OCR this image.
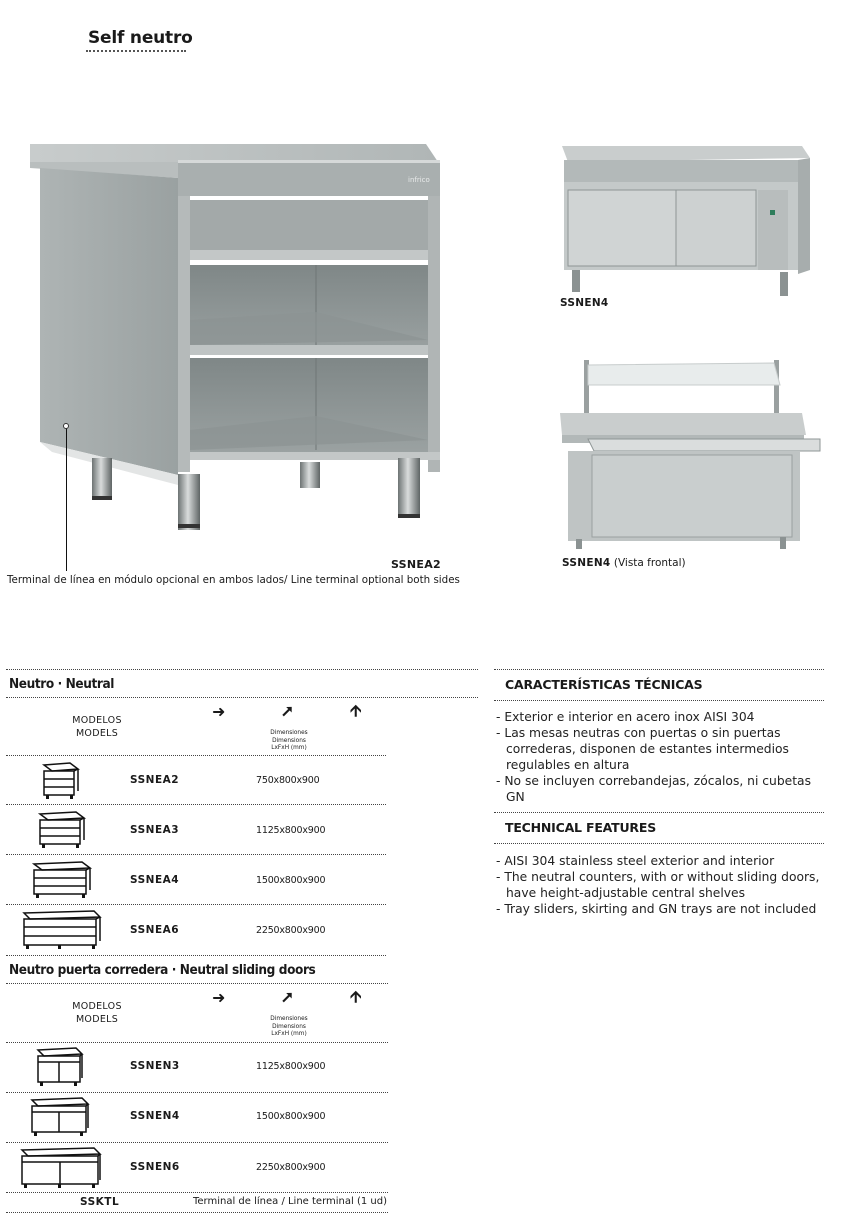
Self neutro
infrico
SSNEA2
Terminal de línea en módulo opcional en ambos lados/ Line terminal optional both sides
SSNEN4
SSNEN4 (Vista frontal)
Neutro · Neutral
MODELOS
MODELS
➜	⭧	🡩
Dimensiones
Dimensions
LxFxH (mm)
SSNEA2	750x800x900
SSNEA3	1125x800x900
SSNEA4	1500x800x900
SSNEA6	2250x800x900
Neutro puerta corredera · Neutral sliding doors
MODELOS
MODELS
➜	⭧	🡩
Dimensiones
Dimensions
LxFxH (mm)
SSNEN3	1125x800x900
SSNEN4	1500x800x900
SSNEN6	2250x800x900
SSKTL	Terminal de línea / Line terminal (1 ud)
CARACTERÍSTICAS TÉCNICAS
- Exterior e interior en acero inox AISI 304
- Las mesas neutras con puertas o sin puertas correderas, disponen de estantes intermedios regulables en altura
- No se incluyen correbandejas, zócalos, ni cubetas GN
TECHNICAL FEATURES
- AISI 304 stainless steel exterior and interior
- The neutral counters, with or without sliding doors, have height-adjustable central shelves
- Tray sliders, skirting and GN trays are not included
